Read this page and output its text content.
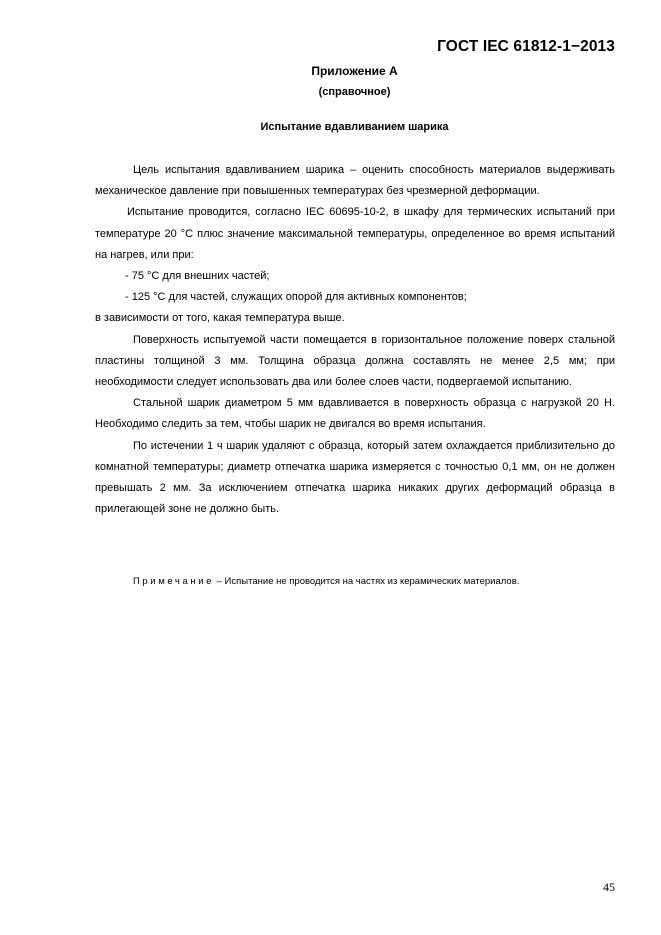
ГОСТ IEC 61812-1−2013
Приложение А
(справочное)
Испытание вдавливанием шарика

Цель испытания вдавливанием шарика – оценить способность материалов выдерживать механическое давление при повышенных температурах без чрезмерной деформации.

Испытание проводится, согласно IEC 60695-10-2, в шкафу для термических испытаний при температуре 20 °С плюс значение максимальной температуры, определенное во время испытаний на нагрев, или при:

- 75 °С для внешних частей;

- 125 °С для частей, служащих опорой для активных компонентов;

в зависимости от того, какая температура выше.

Поверхность испытуемой части помещается в горизонтальное положение поверх стальной пластины толщиной 3 мм. Толщина образца должна составлять не менее 2,5 мм; при необходимости следует использовать два или более слоев части, подвергаемой испытанию.

Стальной шарик диаметром 5 мм вдавливается в поверхность образца с нагрузкой 20 Н. Необходимо следить за тем, чтобы шарик не двигался во время испытания.

По истечении 1 ч шарик удаляют с образца, который затем охлаждается приблизительно до комнатной температуры; диаметр отпечатка шарика измеряется с точностью 0,1 мм, он не должен превышать 2 мм. За исключением отпечатка шарика никаких других деформаций образца в прилегающей зоне не должно быть.

Примечание – Испытание не проводится на частях из керамических материалов.
45
